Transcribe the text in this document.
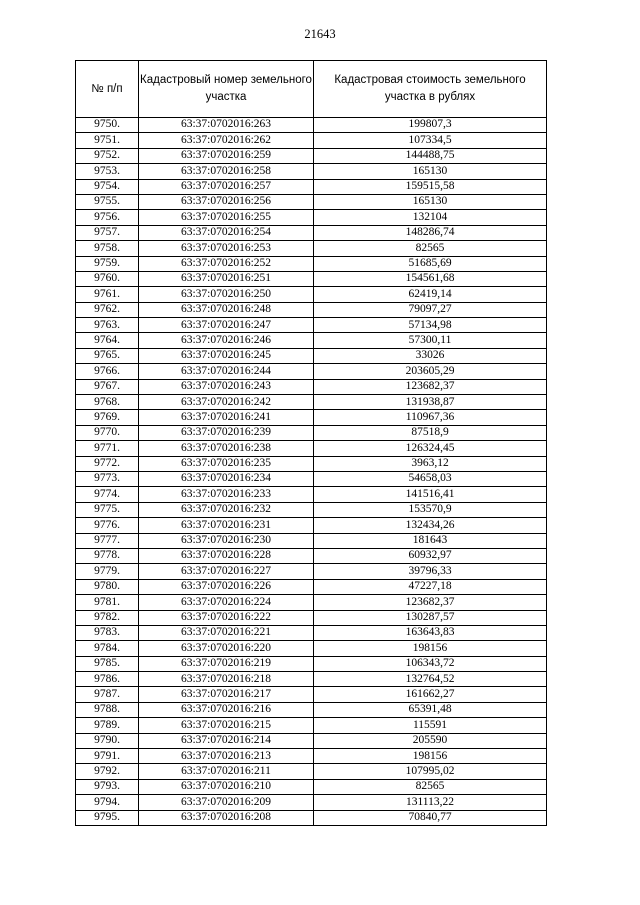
21643
№ п/п	Кадастровый номер земельного участка	Кадастровая стоимость земельного участка в рублях
9750.	63:37:0702016:263	199807,3
9751.	63:37:0702016:262	107334,5
9752.	63:37:0702016:259	144488,75
9753.	63:37:0702016:258	165130
9754.	63:37:0702016:257	159515,58
9755.	63:37:0702016:256	165130
9756.	63:37:0702016:255	132104
9757.	63:37:0702016:254	148286,74
9758.	63:37:0702016:253	82565
9759.	63:37:0702016:252	51685,69
9760.	63:37:0702016:251	154561,68
9761.	63:37:0702016:250	62419,14
9762.	63:37:0702016:248	79097,27
9763.	63:37:0702016:247	57134,98
9764.	63:37:0702016:246	57300,11
9765.	63:37:0702016:245	33026
9766.	63:37:0702016:244	203605,29
9767.	63:37:0702016:243	123682,37
9768.	63:37:0702016:242	131938,87
9769.	63:37:0702016:241	110967,36
9770.	63:37:0702016:239	87518,9
9771.	63:37:0702016:238	126324,45
9772.	63:37:0702016:235	3963,12
9773.	63:37:0702016:234	54658,03
9774.	63:37:0702016:233	141516,41
9775.	63:37:0702016:232	153570,9
9776.	63:37:0702016:231	132434,26
9777.	63:37:0702016:230	181643
9778.	63:37:0702016:228	60932,97
9779.	63:37:0702016:227	39796,33
9780.	63:37:0702016:226	47227,18
9781.	63:37:0702016:224	123682,37
9782.	63:37:0702016:222	130287,57
9783.	63:37:0702016:221	163643,83
9784.	63:37:0702016:220	198156
9785.	63:37:0702016:219	106343,72
9786.	63:37:0702016:218	132764,52
9787.	63:37:0702016:217	161662,27
9788.	63:37:0702016:216	65391,48
9789.	63:37:0702016:215	115591
9790.	63:37:0702016:214	205590
9791.	63:37:0702016:213	198156
9792.	63:37:0702016:211	107995,02
9793.	63:37:0702016:210	82565
9794.	63:37:0702016:209	131113,22
9795.	63:37:0702016:208	70840,77
